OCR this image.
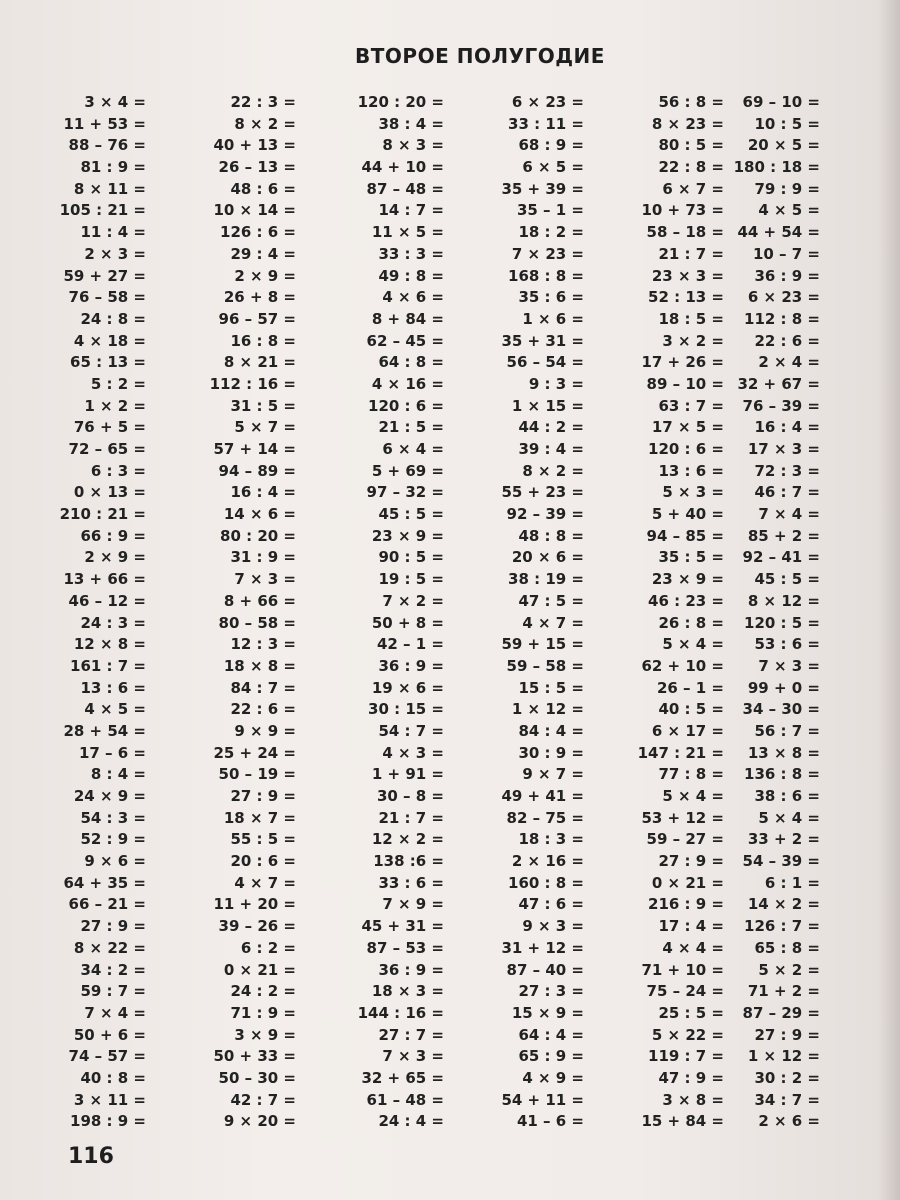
ВТОРОЕ ПОЛУГОДИЕ
3 × 4 =
11 + 53 =
88 – 76 =
81 : 9 =
8 × 11 =
105 : 21 =
11 : 4 =
2 × 3 =
59 + 27 =
76 – 58 =
24 : 8 =
4 × 18 =
65 : 13 =
5 : 2 =
1 × 2 =
76 + 5 =
72 – 65 =
6 : 3 =
0 × 13 =
210 : 21 =
66 : 9 =
2 × 9 =
13 + 66 =
46 – 12 =
24 : 3 =
12 × 8 =
161 : 7 =
13 : 6 =
4 × 5 =
28 + 54 =
17 – 6 =
8 : 4 =
24 × 9 =
54 : 3 =
52 : 9 =
9 × 6 =
64 + 35 =
66 – 21 =
27 : 9 =
8 × 22 =
34 : 2 =
59 : 7 =
7 × 4 =
50 + 6 =
74 – 57 =
40 : 8 =
3 × 11 =
198 : 9 =
22 : 3 =
8 × 2 =
40 + 13 =
26 – 13 =
48 : 6 =
10 × 14 =
126 : 6 =
29 : 4 =
2 × 9 =
26 + 8 =
96 – 57 =
16 : 8 =
8 × 21 =
112 : 16 =
31 : 5 =
5 × 7 =
57 + 14 =
94 – 89 =
16 : 4 =
14 × 6 =
80 : 20 =
31 : 9 =
7 × 3 =
8 + 66 =
80 – 58 =
12 : 3 =
18 × 8 =
84 : 7 =
22 : 6 =
9 × 9 =
25 + 24 =
50 – 19 =
27 : 9 =
18 × 7 =
55 : 5 =
20 : 6 =
4 × 7 =
11 + 20 =
39 – 26 =
6 : 2 =
0 × 21 =
24 : 2 =
71 : 9 =
3 × 9 =
50 + 33 =
50 – 30 =
42 : 7 =
9 × 20 =
120 : 20 =
38 : 4 =
8 × 3 =
44 + 10 =
87 – 48 =
14 : 7 =
11 × 5 =
33 : 3 =
49 : 8 =
4 × 6 =
8 + 84 =
62 – 45 =
64 : 8 =
4 × 16 =
120 : 6 =
21 : 5 =
6 × 4 =
5 + 69 =
97 – 32 =
45 : 5 =
23 × 9 =
90 : 5 =
19 : 5 =
7 × 2 =
50 + 8 =
42 – 1 =
36 : 9 =
19 × 6 =
30 : 15 =
54 : 7 =
4 × 3 =
1 + 91 =
30 – 8 =
21 : 7 =
12 × 2 =
138 :6 =
33 : 6 =
7 × 9 =
45 + 31 =
87 – 53 =
36 : 9 =
18 × 3 =
144 : 16 =
27 : 7 =
7 × 3 =
32 + 65 =
61 – 48 =
24 : 4 =
6 × 23 =
33 : 11 =
68 : 9 =
6 × 5 =
35 + 39 =
35 – 1 =
18 : 2 =
7 × 23 =
168 : 8 =
35 : 6 =
1 × 6 =
35 + 31 =
56 – 54 =
9 : 3 =
1 × 15 =
44 : 2 =
39 : 4 =
8 × 2 =
55 + 23 =
92 – 39 =
48 : 8 =
20 × 6 =
38 : 19 =
47 : 5 =
4 × 7 =
59 + 15 =
59 – 58 =
15 : 5 =
1 × 12 =
84 : 4 =
30 : 9 =
9 × 7 =
49 + 41 =
82 – 75 =
18 : 3 =
2 × 16 =
160 : 8 =
47 : 6 =
9 × 3 =
31 + 12 =
87 – 40 =
27 : 3 =
15 × 9 =
64 : 4 =
65 : 9 =
4 × 9 =
54 + 11 =
41 – 6 =
56 : 8 =
8 × 23 =
80 : 5 =
22 : 8 =
6 × 7 =
10 + 73 =
58 – 18 =
21 : 7 =
23 × 3 =
52 : 13 =
18 : 5 =
3 × 2 =
17 + 26 =
89 – 10 =
63 : 7 =
17 × 5 =
120 : 6 =
13 : 6 =
5 × 3 =
5 + 40 =
94 – 85 =
35 : 5 =
23 × 9 =
46 : 23 =
26 : 8 =
5 × 4 =
62 + 10 =
26 – 1 =
40 : 5 =
6 × 17 =
147 : 21 =
77 : 8 =
5 × 4 =
53 + 12 =
59 – 27 =
27 : 9 =
0 × 21 =
216 : 9 =
17 : 4 =
4 × 4 =
71 + 10 =
75 – 24 =
25 : 5 =
5 × 22 =
119 : 7 =
47 : 9 =
3 × 8 =
15 + 84 =
69 – 10 =
10 : 5 =
20 × 5 =
180 : 18 =
79 : 9 =
4 × 5 =
44 + 54 =
10 – 7 =
36 : 9 =
6 × 23 =
112 : 8 =
22 : 6 =
2 × 4 =
32 + 67 =
76 – 39 =
16 : 4 =
17 × 3 =
72 : 3 =
46 : 7 =
7 × 4 =
85 + 2 =
92 – 41 =
45 : 5 =
8 × 12 =
120 : 5 =
53 : 6 =
7 × 3 =
99 + 0 =
34 – 30 =
56 : 7 =
13 × 8 =
136 : 8 =
38 : 6 =
5 × 4 =
33 + 2 =
54 – 39 =
6 : 1 =
14 × 2 =
126 : 7 =
65 : 8 =
5 × 2 =
71 + 2 =
87 – 29 =
27 : 9 =
1 × 12 =
30 : 2 =
34 : 7 =
2 × 6 =
116
